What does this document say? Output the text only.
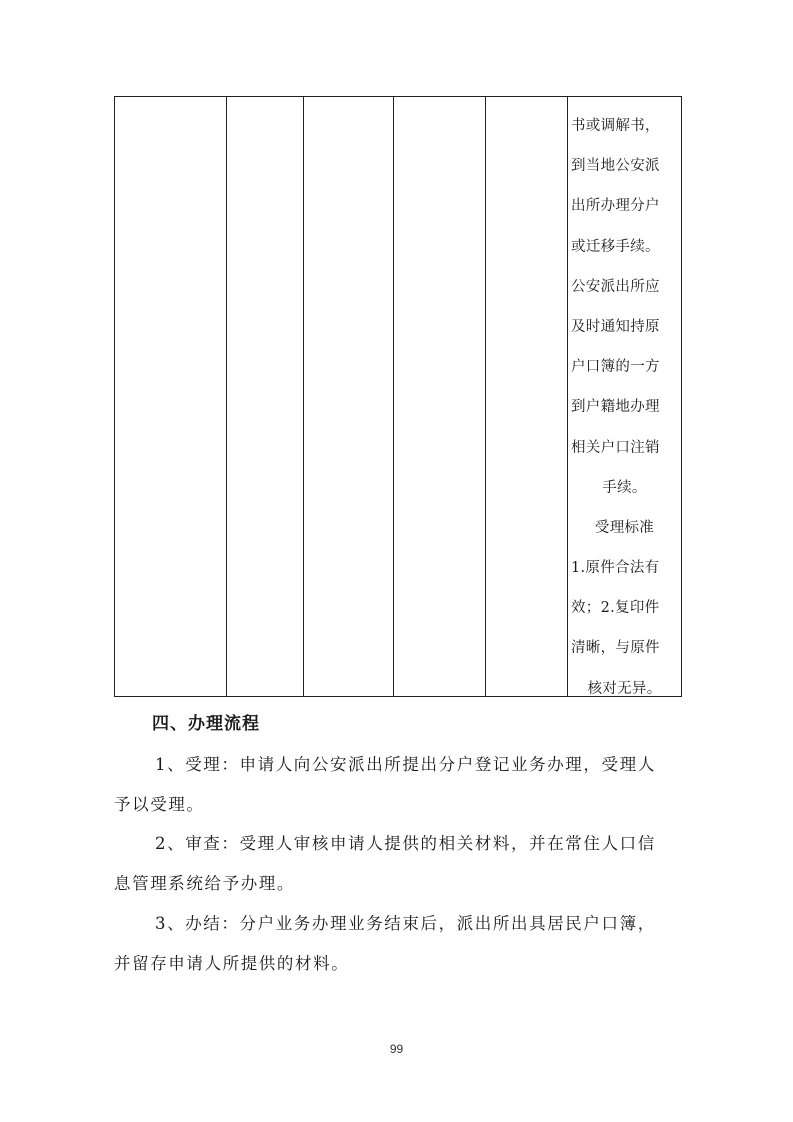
书或调解书，
到当地公安派
出所办理分户
或迁移手续。
公安派出所应
及时通知持原
户口簿的一方
到户籍地办理
相关户口注销
手续。
受理标准
1.原件合法有
效；2.复印件
清晰，与原件
核对无异。
四、办理流程

1、受理：申请人向公安派出所提出分户登记业务办理，受理人
予以受理。

2、审查：受理人审核申请人提供的相关材料，并在常住人口信
息管理系统给予办理。

3、办结：分户业务办理业务结束后，派出所出具居民户口簿，
并留存申请人所提供的材料。

99
